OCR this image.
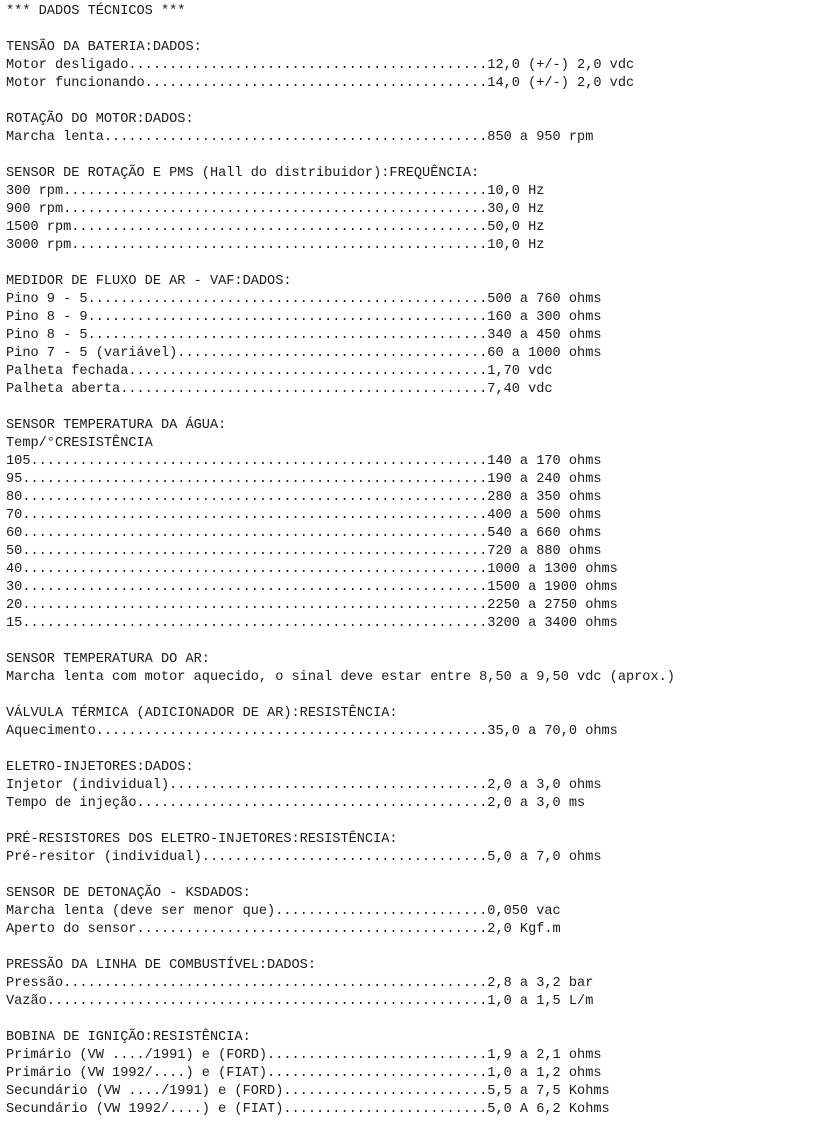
*** DADOS TÉCNICOS ***
TENSÃO DA BATERIA:DADOS:
Motor desligado............................................12,0 (+/-) 2,0 vdc
Motor funcionando..........................................14,0 (+/-) 2,0 vdc
ROTAÇÃO DO MOTOR:DADOS:
Marcha lenta...............................................850 a 950 rpm
SENSOR DE ROTAÇÃO E PMS (Hall do distribuidor):FREQUÊNCIA:
300 rpm....................................................10,0 Hz
900 rpm....................................................30,0 Hz
1500 rpm...................................................50,0 Hz
3000 rpm...................................................10,0 Hz
MEDIDOR DE FLUXO DE AR - VAF:DADOS:
Pino 9 - 5.................................................500 a 760 ohms
Pino 8 - 9.................................................160 a 300 ohms
Pino 8 - 5.................................................340 a 450 ohms
Pino 7 - 5 (variável)......................................60 a 1000 ohms
Palheta fechada............................................1,70 vdc
Palheta aberta.............................................7,40 vdc
SENSOR TEMPERATURA DA ÁGUA:
Temp/°CRESISTÊNCIA
105........................................................140 a 170 ohms
95.........................................................190 a 240 ohms
80.........................................................280 a 350 ohms
70.........................................................400 a 500 ohms
60.........................................................540 a 660 ohms
50.........................................................720 a 880 ohms
40.........................................................1000 a 1300 ohms
30.........................................................1500 a 1900 ohms
20.........................................................2250 a 2750 ohms
15.........................................................3200 a 3400 ohms
SENSOR TEMPERATURA DO AR:
Marcha lenta com motor aquecido, o sinal deve estar entre 8,50 a 9,50 vdc (aprox.)
VÁLVULA TÉRMICA (ADICIONADOR DE AR):RESISTÊNCIA:
Aquecimento................................................35,0 a 70,0 ohms
ELETRO-INJETORES:DADOS:
Injetor (individual).......................................2,0 a 3,0 ohms
Tempo de injeção...........................................2,0 a 3,0 ms
PRÉ-RESISTORES DOS ELETRO-INJETORES:RESISTÊNCIA:
Pré-resitor (individual)...................................5,0 a 7,0 ohms
SENSOR DE DETONAÇÃO - KSDADOS:
Marcha lenta (deve ser menor que)..........................0,050 vac
Aperto do sensor...........................................2,0 Kgf.m
PRESSÃO DA LINHA DE COMBUSTÍVEL:DADOS:
Pressão....................................................2,8 a 3,2 bar
Vazão......................................................1,0 a 1,5 L/m
BOBINA DE IGNIÇÃO:RESISTÊNCIA:
Primário (VW ..../1991) e (FORD)...........................1,9 a 2,1 ohms
Primário (VW 1992/....) e (FIAT)...........................1,0 a 1,2 ohms
Secundário (VW ..../1991) e (FORD).........................5,5 a 7,5 Kohms
Secundário (VW 1992/....) e (FIAT).........................5,0 A 6,2 Kohms
